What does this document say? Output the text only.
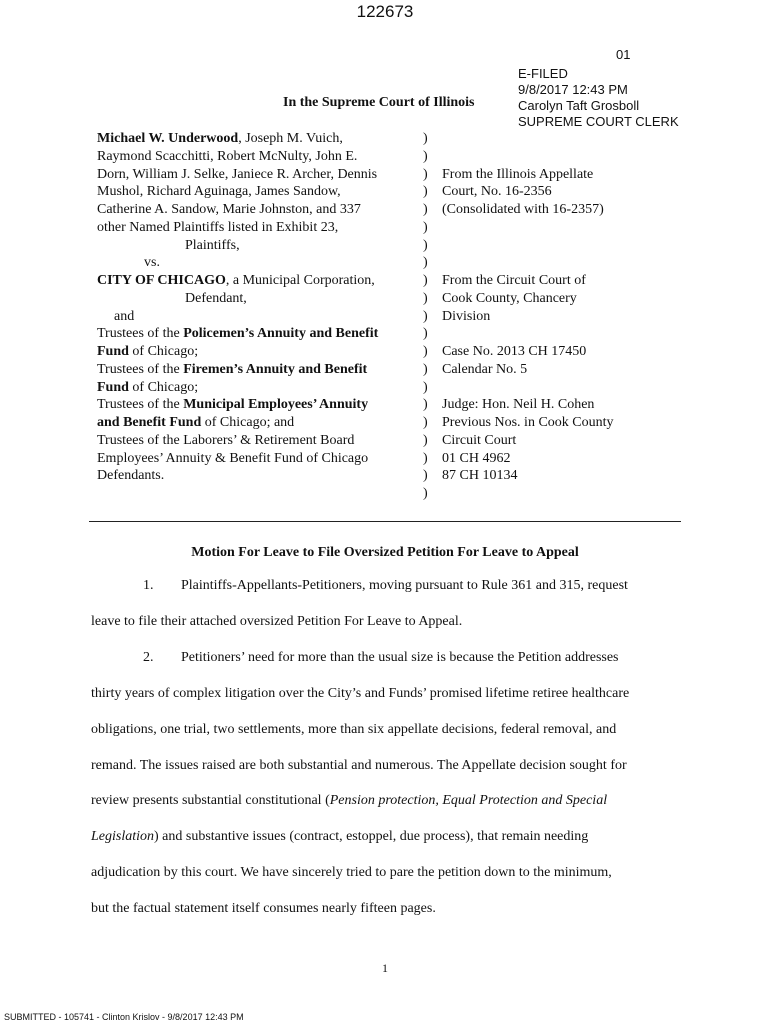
122673
01
E-FILED
9/8/2017 12:43 PM
Carolyn Taft Grosboll
SUPREME COURT CLERK
In the Supreme Court of Illinois
Michael W. Underwood, Joseph M. Vuich,
Raymond Scacchitti, Robert McNulty, John E.
Dorn, William J. Selke, Janiece R. Archer, Dennis
Mushol, Richard Aguinaga, James Sandow,
Catherine A. Sandow, Marie Johnston, and 337
other Named Plaintiffs listed in Exhibit 23,
Plaintiffs,
vs.
CITY OF CHICAGO, a Municipal Corporation,
Defendant,
and
Trustees of the Policemen’s Annuity and Benefit
Fund of Chicago;
Trustees of the Firemen’s Annuity and Benefit
Fund of Chicago;
Trustees of the Municipal Employees’ Annuity
and Benefit Fund of Chicago; and
Trustees of the Laborers’ & Retirement Board
Employees’ Annuity & Benefit Fund of Chicago
Defendants.
)
)
)
)
)
)
)
)
)
)
)
)
)
)
)
)
)
)
)
)
)

From the Illinois Appellate
Court, No. 16-2356
(Consolidated with 16-2357)

From the Circuit Court of
Cook County, Chancery
Division

Case No. 2013 CH 17450
Calendar No. 5

Judge: Hon. Neil H. Cohen
Previous Nos. in Cook County
Circuit Court
01 CH 4962
87 CH 10134
Motion For Leave to File Oversized Petition For Leave to Appeal
1. Plaintiffs-Appellants-Petitioners, moving pursuant to Rule 361 and 315, request
leave to file their attached oversized Petition For Leave to Appeal.
2. Petitioners’ need for more than the usual size is because the Petition addresses
thirty years of complex litigation over the City’s and Funds’ promised lifetime retiree healthcare
obligations, one trial, two settlements, more than six appellate decisions, federal removal, and
remand. The issues raised are both substantial and numerous. The Appellate decision sought for
review presents substantial constitutional (Pension protection, Equal Protection and Special
Legislation) and substantive issues (contract, estoppel, due process), that remain needing
adjudication by this court. We have sincerely tried to pare the petition down to the minimum,
but the factual statement itself consumes nearly fifteen pages.
1
SUBMITTED - 105741 - Clinton Krislov - 9/8/2017 12:43 PM
